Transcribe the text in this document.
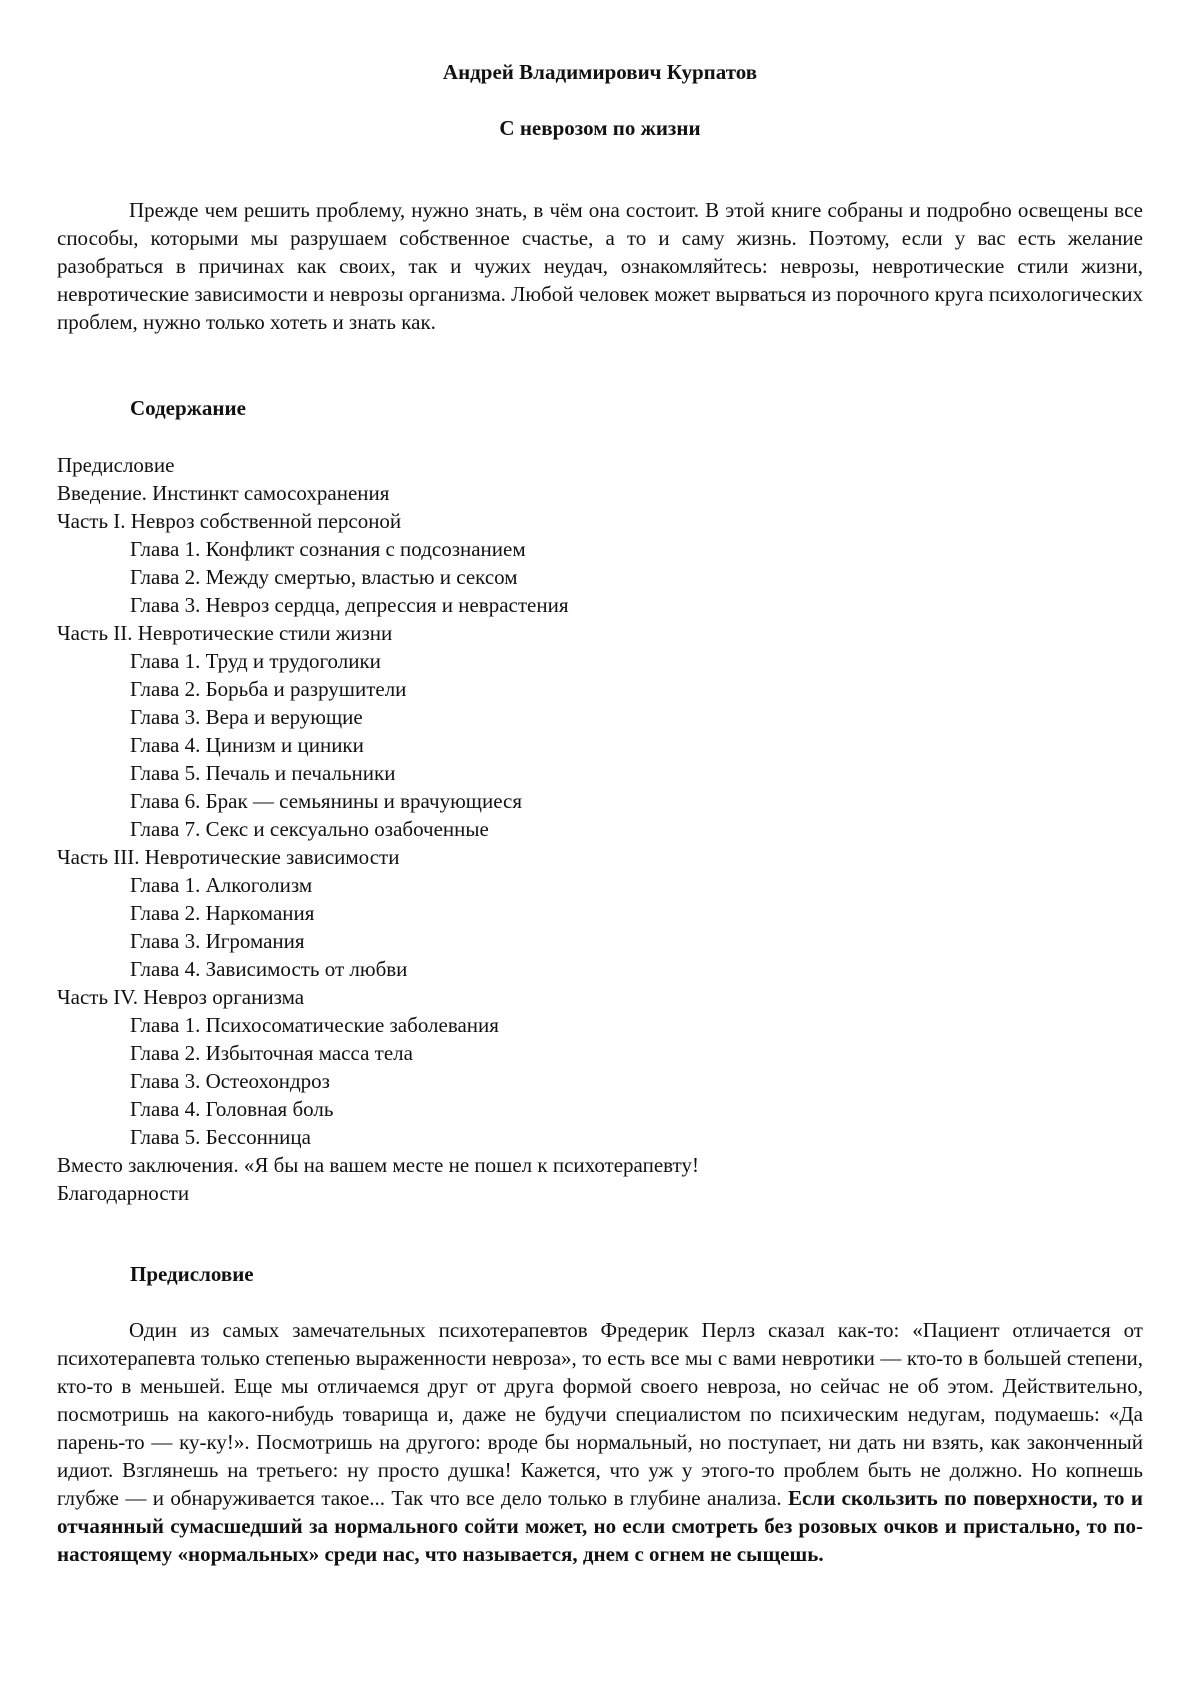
Андрей Владимирович Курпатов
С неврозом по жизни

Прежде чем решить проблему, нужно знать, в чём она состоит. В этой книге собраны и подробно освещены все способы, которыми мы разрушаем собственное счастье, а то и саму жизнь. Поэтому, если у вас есть желание разобраться в причинах как своих, так и чужих неудач, ознакомляйтесь: неврозы, невротические стили жизни, невротические зависимости и неврозы организма. Любой человек может вырваться из порочного круга психологических проблем, нужно только хотеть и знать как.

Содержание
Предисловие
Введение. Инстинкт самосохранения
Часть I. Невроз собственной персоной
Глава 1. Конфликт сознания с подсознанием
Глава 2. Между смертью, властью и сексом
Глава 3. Невроз сердца, депрессия и неврастения
Часть II. Невротические стили жизни
Глава 1. Труд и трудоголики
Глава 2. Борьба и разрушители
Глава 3. Вера и верующие
Глава 4. Цинизм и циники
Глава 5. Печаль и печальники
Глава 6. Брак — семьянины и врачующиеся
Глава 7. Секс и сексуально озабоченные
Часть III. Невротические зависимости
Глава 1. Алкоголизм
Глава 2. Наркомания
Глава 3. Игромания
Глава 4. Зависимость от любви
Часть IV. Невроз организма
Глава 1. Психосоматические заболевания
Глава 2. Избыточная масса тела
Глава 3. Остеохондроз
Глава 4. Головная боль
Глава 5. Бессонница
Вместо заключения. «Я бы на вашем месте не пошел к психотерапевту!
Благодарности
Предисловие

Один из самых замечательных психотерапевтов Фредерик Перлз сказал как-то: «Пациент отличается от психотерапевта только степенью выраженности невроза», то есть все мы с вами невротики — кто-то в большей степени, кто-то в меньшей. Еще мы отличаемся друг от друга формой своего невроза, но сейчас не об этом. Действительно, посмотришь на какого-нибудь товарища и, даже не будучи специалистом по психическим недугам, подумаешь: «Да парень-то — ку-ку!». Посмотришь на другого: вроде бы нормальный, но поступает, ни дать ни взять, как законченный идиот. Взглянешь на третьего: ну просто душка! Кажется, что уж у этого-то проблем быть не должно. Но копнешь глубже — и обнаруживается такое... Так что все дело только в глубине анализа. Если скользить по поверхности, то и отчаянный сумасшедший за нормального сойти может, но если смотреть без розовых очков и пристально, то по-настоящему «нормальных» среди нас, что называется, днем с огнем не сыщешь.
